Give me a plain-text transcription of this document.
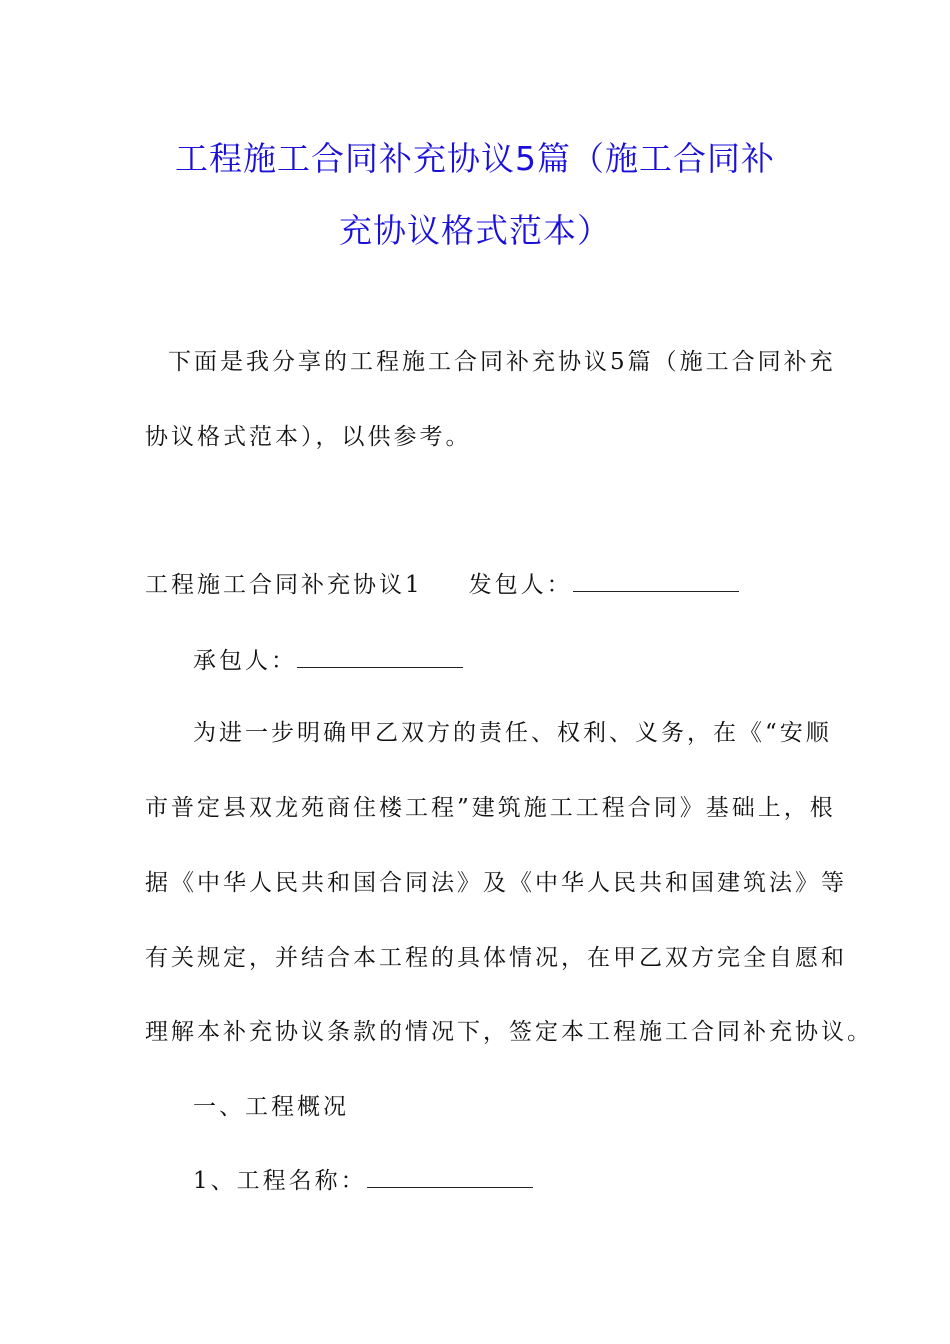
工程施工合同补充协议5篇（施工合同补
充协议格式范本）
下面是我分享的工程施工合同补充协议5篇（施工合同补充
协议格式范本），以供参考。
工程施工合同补充协议1 发包人：
承包人：
为进一步明确甲乙双方的责任、权利、义务，在《“安顺
市普定县双龙苑商住楼工程”建筑施工工程合同》基础上，根
据《中华人民共和国合同法》及《中华人民共和国建筑法》等
有关规定，并结合本工程的具体情况，在甲乙双方完全自愿和
理解本补充协议条款的情况下，签定本工程施工合同补充协议。
一、工程概况
1、工程名称：
